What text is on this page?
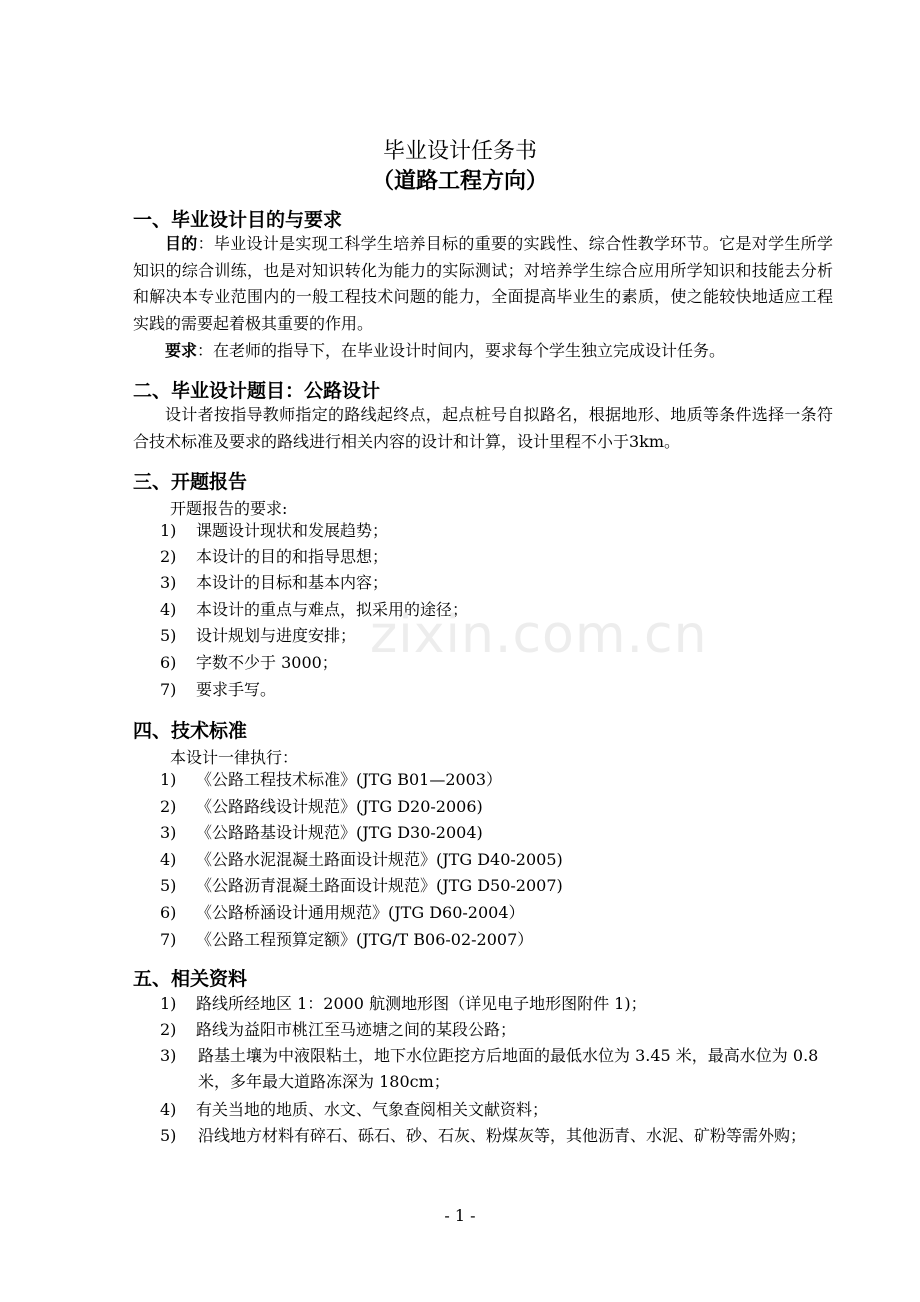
毕业设计任务书
（道路工程方向）
一、毕业设计目的与要求

目的：毕业设计是实现工科学生培养目标的重要的实践性、综合性教学环节。它是对学生所学知识的综合训练，也是对知识转化为能力的实际测试；对培养学生综合应用所学知识和技能去分析和解决本专业范围内的一般工程技术问题的能力，全面提高毕业生的素质，使之能较快地适应工程实践的需要起着极其重要的作用。

要求：在老师的指导下，在毕业设计时间内，要求每个学生独立完成设计任务。

二、毕业设计题目：公路设计

设计者按指导教师指定的路线起终点，起点桩号自拟路名，根据地形、地质等条件选择一条符合技术标准及要求的路线进行相关内容的设计和计算，设计里程不小于3km。

三、开题报告
开题报告的要求:
1) 课题设计现状和发展趋势；
2) 本设计的目的和指导思想；
3) 本设计的目标和基本内容；
4) 本设计的重点与难点，拟采用的途径；
5) 设计规划与进度安排；
6) 字数不少于 3000；
7) 要求手写。
四、技术标准
本设计一律执行：
1) 《公路工程技术标准》(JTG B01—2003）
2) 《公路路线设计规范》(JTG D20-2006)
3) 《公路路基设计规范》(JTG D30-2004)
4) 《公路水泥混凝土路面设计规范》(JTG D40-2005)
5) 《公路沥青混凝土路面设计规范》(JTG D50-2007)
6) 《公路桥涵设计通用规范》(JTG D60-2004）
7) 《公路工程预算定额》(JTG/T B06-02-2007）
五、相关资料
1) 路线所经地区 1：2000 航测地形图（详见电子地形图附件 1)；
2) 路线为益阳市桃江至马迹塘之间的某段公路；
3) 路基土壤为中液限粘土，地下水位距挖方后地面的最低水位为 3.45 米，最高水位为 0.8 米，多年最大道路冻深为 180cm；
4) 有关当地的地质、水文、气象查阅相关文献资料；
5) 沿线地方材料有碎石、砾石、砂、石灰、粉煤灰等，其他沥青、水泥、矿粉等需外购；
zixin.com.cn
- 1 -
